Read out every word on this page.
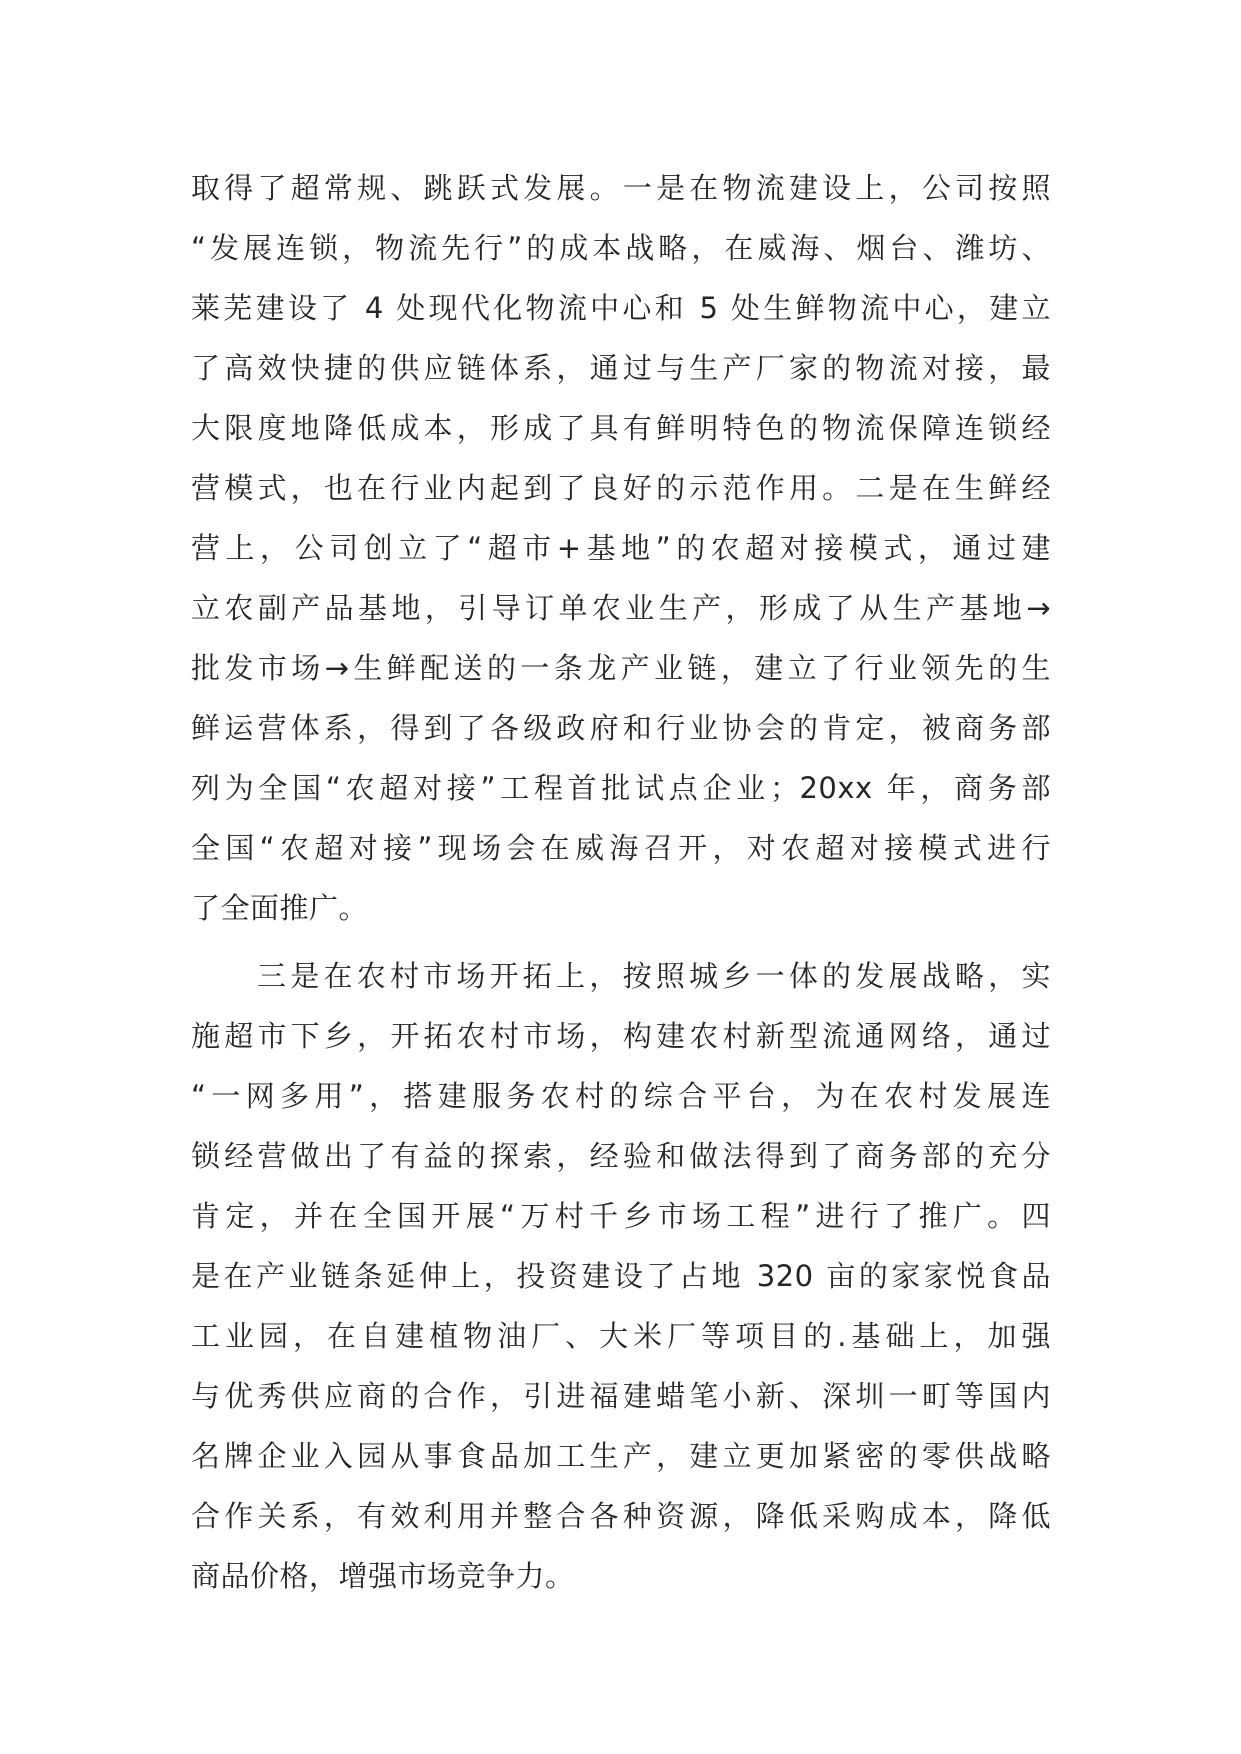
取得了超常规、跳跃式发展。一是在物流建设上，公司按照
“发展连锁，物流先行”的成本战略，在威海、烟台、潍坊、
莱芜建设了 4 处现代化物流中心和 5 处生鲜物流中心，建立
了高效快捷的供应链体系，通过与生产厂家的物流对接，最
大限度地降低成本，形成了具有鲜明特色的物流保障连锁经
营模式，也在行业内起到了良好的示范作用。二是在生鲜经
营上，公司创立了“超市+基地”的农超对接模式，通过建
立农副产品基地，引导订单农业生产，形成了从生产基地→
批发市场→生鲜配送的一条龙产业链，建立了行业领先的生
鲜运营体系，得到了各级政府和行业协会的肯定，被商务部
列为全国“农超对接”工程首批试点企业；20xx 年，商务部
全国“农超对接”现场会在威海召开，对农超对接模式进行
了全面推广。
三是在农村市场开拓上，按照城乡一体的发展战略，实
施超市下乡，开拓农村市场，构建农村新型流通网络，通过
“一网多用”，搭建服务农村的综合平台，为在农村发展连
锁经营做出了有益的探索，经验和做法得到了商务部的充分
肯定，并在全国开展“万村千乡市场工程”进行了推广。四
是在产业链条延伸上，投资建设了占地 320 亩的家家悦食品
工业园，在自建植物油厂、大米厂等项目的.基础上，加强
与优秀供应商的合作，引进福建蜡笔小新、深圳一町等国内
名牌企业入园从事食品加工生产，建立更加紧密的零供战略
合作关系，有效利用并整合各种资源，降低采购成本，降低
商品价格，增强市场竞争力。
